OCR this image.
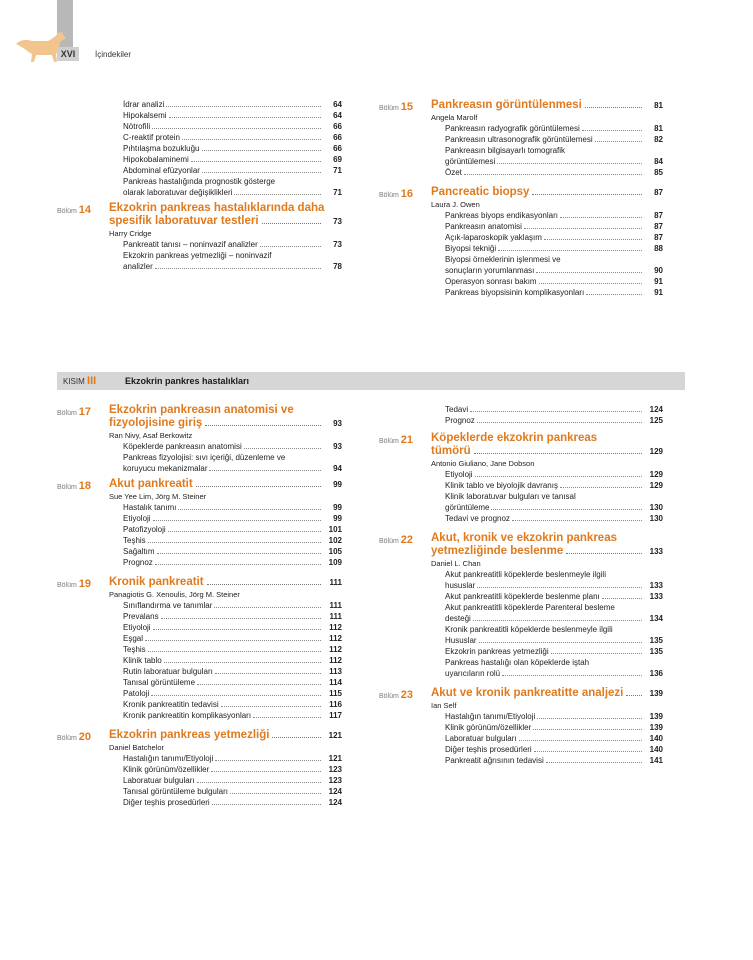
XVI	İçindekiler
İdrar analizi	64
Hipokalsemi	64
Nötrofili	66
C-reaktif protein	66
Pıhtılaşma bozukluğu	66
Hipokobalaminemi	69
Abdominal efüzyonlar	71
Pankreas hastalığında prognostik gösterge
olarak laboratuvar değişiklikleri	71
Bölüm 14 Ekzokrin pankreas hastalıklarında daha
spesifik laboratuvar testleri	73
Harry Cridge
Pankreatit tanısı – noninvazif analizler	73
Ekzokrin pankreas yetmezliği – noninvazif
analizler	78
Bölüm 15 Pankreasın görüntülenmesi	81
Angela Marolf
Pankreasın radyografik görüntülemesi	81
Pankreasın ultrasonografik görüntülemesi	82
Pankreasın bilgisayarlı tomografik
görüntülemesi	84
Özet	85
Bölüm 16 Pancreatic biopsy	87
Laura J. Owen
Pankreas biyops endikasyonları	87
Pankreasın anatomisi	87
Açık-laparoskopik yaklaşım	87
Biyopsi tekniği	88
Biyopsi örneklerinin işlenmesi ve
sonuçların yorumlanması	90
Operasyon sonrası bakım	91
Pankreas biyopsisinin komplikasyonları	91
KISIM III	Ekzokrin pankres hastalıkları
Bölüm 17 Ekzokrin pankreasın anatomisi ve
fizyolojisine giriş	93
Ran Nivy, Asaf Berkowitz
Köpeklerde pankreasın anatomisi	93
Pankreas fizyolojisi: sıvı içeriği, düzenleme ve
koruyucu mekanizmalar	94
Bölüm 18 Akut pankreatit	99
Sue Yee Lim, Jörg M. Steiner
Hastalık tanımı	99
Etiyoloji	99
Patofizyoloji	101
Teşhis	102
Sağaltım	105
Prognoz	109
Bölüm 19 Kronik pankreatit	111
Panagiotis G. Xenoulis, Jörg M. Steiner
Sınıflandırma ve tanımlar	111
Prevalans	111
Etiyoloji	112
Eşgal	112
Teşhis	112
Klinik tablo	112
Rutin laboratuar bulguları	113
Tanısal görüntüleme	114
Patoloji	115
Kronik pankreatitin tedavisi	116
Kronik pankreatitin komplikasyonları	117
Bölüm 20 Ekzokrin pankreas yetmezliği	121
Daniel Batchelor
Hastalığın tanımı/Etiyoloji	121
Klinik görünüm/özellikler	123
Laboratuar bulguları	123
Tanısal görüntüleme bulguları	124
Diğer teşhis prosedürleri	124
Tedavi	124
Prognoz	125
Bölüm 21 Köpeklerde ekzokrin pankreas
tümörü	129
Antonio Giuliano, Jane Dobson
Etiyoloji	129
Klinik tablo ve biyolojik davranış	129
Klinik laboratuvar bulguları ve tanısal
görüntüleme	130
Tedavi ve prognoz	130
Bölüm 22 Akut, kronik ve ekzokrin pankreas
yetmezliğinde beslenme	133
Daniel L. Chan
Akut pankreatitli köpeklerde beslenmeyle ilgili
hususlar	133
Akut pankreatitli köpeklerde beslenme planı	133
Akut pankreatitli köpeklerde Parenteral besleme
desteği	134
Kronik pankreatitli köpeklerde beslenmeyle ilgili
Hususlar	135
Ekzokrin pankreas yetmezliği	135
Pankreas hastalığı olan köpeklerde iştah
uyarıcıların rolü	136
Bölüm 23 Akut ve kronik pankreatitte analjezi	139
Ian Self
Hastalığın tanımı/Etiyoloji	139
Klinik görünüm/özellikler	139
Laboratuar bulguları	140
Diğer teşhis prosedürleri	140
Pankreatit ağrısının tedavisi	141
